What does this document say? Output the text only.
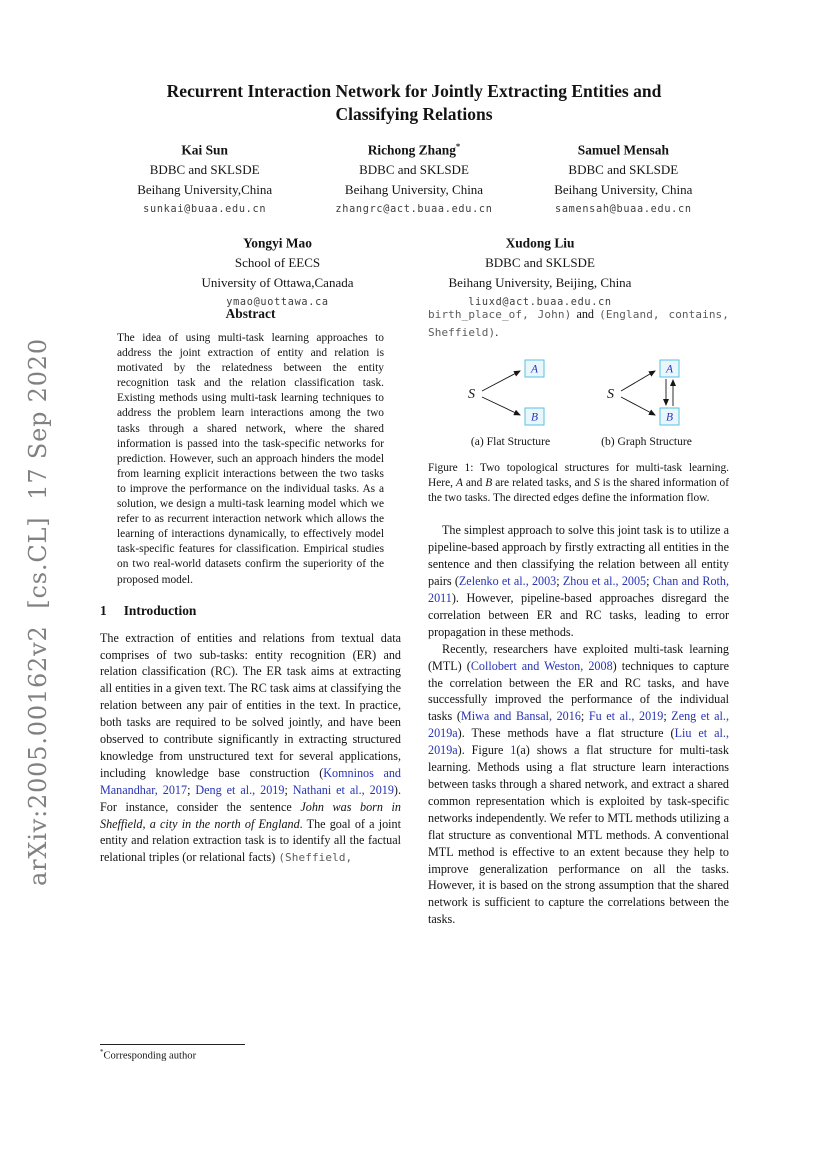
arXiv:2005.00162v2  [cs.CL]  17 Sep 2020
Recurrent Interaction Network for Jointly Extracting Entities and Classifying Relations
Kai Sun
BDBC and SKLSDE
Beihang University,China
sunkai@buaa.edu.cn
Richong Zhang*
BDBC and SKLSDE
Beihang University, China
zhangrc@act.buaa.edu.cn
Samuel Mensah
BDBC and SKLSDE
Beihang University, China
samensah@buaa.edu.cn
Yongyi Mao
School of EECS
University of Ottawa,Canada
ymao@uottawa.ca
Xudong Liu
BDBC and SKLSDE
Beihang University, Beijing, China
liuxd@act.buaa.edu.cn
Abstract
The idea of using multi-task learning approaches to address the joint extraction of entity and relation is motivated by the relatedness between the entity recognition task and the relation classification task. Existing methods using multi-task learning techniques to address the problem learn interactions among the two tasks through a shared network, where the shared information is passed into the task-specific networks for prediction. However, such an approach hinders the model from learning explicit interactions between the two tasks to improve the performance on the individual tasks. As a solution, we design a multi-task learning model which we refer to as recurrent interaction network which allows the learning of interactions dynamically, to effectively model task-specific features for classification. Empirical studies on two real-world datasets confirm the superiority of the proposed model.
1 Introduction

The extraction of entities and relations from textual data comprises of two sub-tasks: entity recognition (ER) and relation classification (RC). The ER task aims at extracting all entities in a given text. The RC task aims at classifying the relation between any pair of entities in the text. In practice, both tasks are required to be solved jointly, and have been observed to contribute significantly in extracting structured knowledge from unstructured text for several applications, including knowledge base construction (Komninos and Manandhar, 2017; Deng et al., 2019; Nathani et al., 2019). For instance, consider the sentence John was born in Sheffield, a city in the north of England. The goal of a joint entity and relation extraction task is to identify all the factual relational triples (or relational facts) (Sheffield,

*Corresponding author

birth_place_of, John) and (England, contains, Sheffield).

S
A
B
(a) Flat Structure
S
A
B
(b) Graph Structure
Figure 1: Two topological structures for multi-task learning. Here, A and B are related tasks, and S is the shared information of the two tasks. The directed edges define the information flow.

The simplest approach to solve this joint task is to utilize a pipeline-based approach by firstly extracting all entities in the sentence and then classifying the relation between all entity pairs (Zelenko et al., 2003; Zhou et al., 2005; Chan and Roth, 2011). However, pipeline-based approaches disregard the correlation between ER and RC tasks, leading to error propagation in these methods.

Recently, researchers have exploited multi-task learning (MTL) (Collobert and Weston, 2008) techniques to capture the correlation between the ER and RC tasks, and have successfully improved the performance of the individual tasks (Miwa and Bansal, 2016; Fu et al., 2019; Zeng et al., 2019a). These methods have a flat structure (Liu et al., 2019a). Figure 1(a) shows a flat structure for multi-task learning. Methods using a flat structure learn interactions between tasks through a shared network, and extract a shared common representation which is exploited by task-specific networks independently. We refer to MTL methods utilizing a flat structure as conventional MTL methods. A conventional MTL method is effective to an extent because they help to improve generalization performance on all the tasks. However, it is based on the strong assumption that the shared network is sufficient to capture the correlations between the tasks.
